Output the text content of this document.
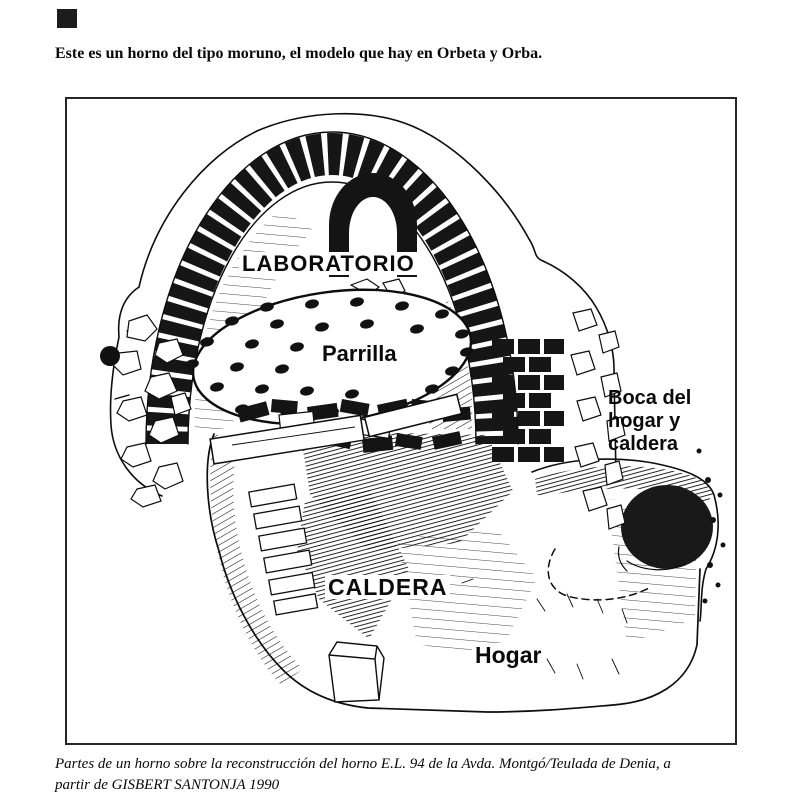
Este es un horno del tipo moruno, el modelo que hay en Orbeta y Orba.
LABORATORIO
Parrilla
Boca del
hogar y
caldera
CALDERA
Hogar
Partes de un horno sobre la reconstrucción del horno E.L. 94 de la Avda. Montgó/Teulada de Denia, a
partir de GISBERT SANTONJA 1990
